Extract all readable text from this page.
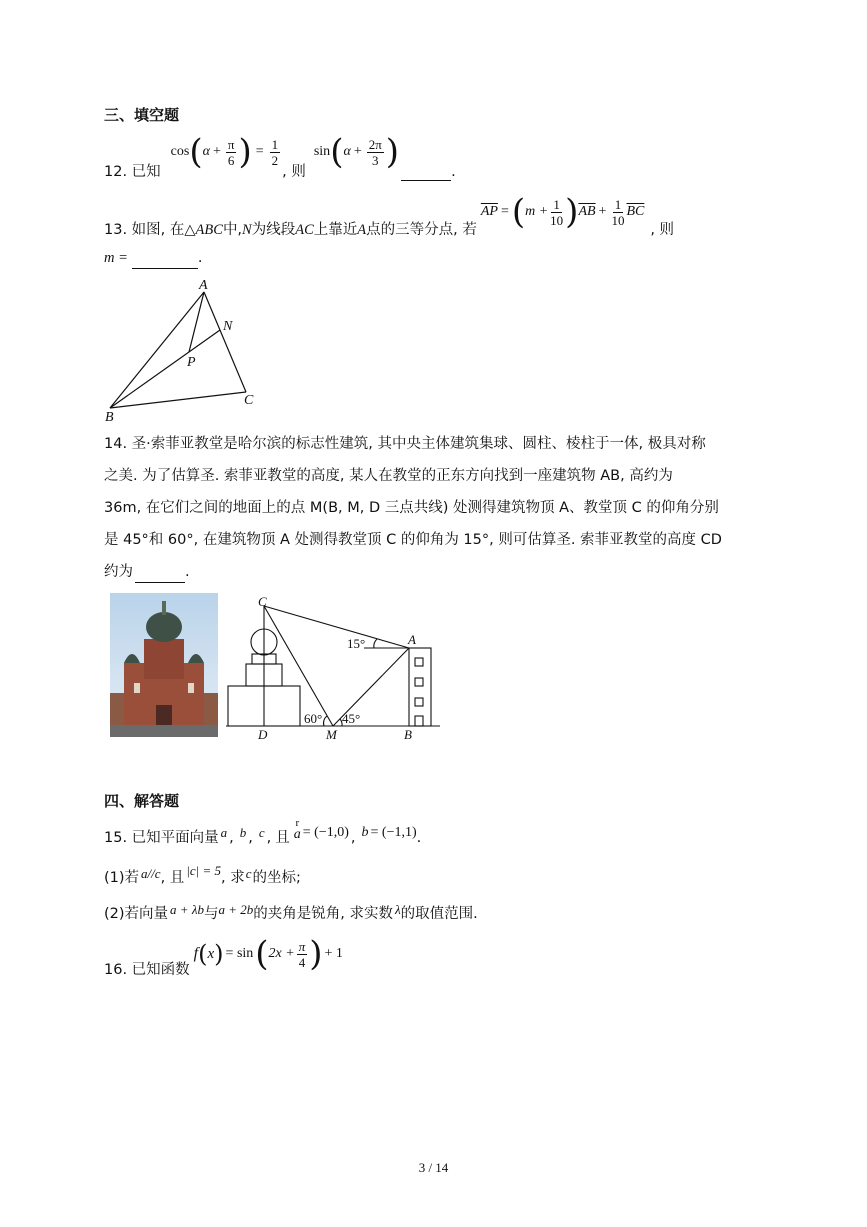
三、填空题
12. 已知
cos ( $\alpha + \frac{\pi}{6}$ ) = $\frac{1}{2}$
, 则
sin ( $\alpha + \frac{2\pi}{3}$ )	.
13. 如图, 在△ ABC 中, N 为线段 AC 上靠近 A 点的三等分点, 若
$\overline{AP}$ = ( $m + \frac{1}{10}$ ) $\overline{AB} + \frac{1}{10} \overline{BC}$
, 则
m =	.
A
N
P
C
B
14. 圣·索菲亚教堂是哈尔滨的标志性建筑, 其中央主体建筑集球、圆柱、棱柱于一体, 极具对称
之美. 为了估算圣. 索菲亚教堂的高度, 某人在教堂的正东方向找到一座建筑物 AB, 高约为
36m, 在它们之间的地面上的点 M(B, M, D 三点共线) 处测得建筑物顶 A、教堂顶 C 的仰角分别
是 45°和 60°, 在建筑物顶 A 处测得教堂顶 C 的仰角为 15°, 则可估算圣. 索菲亚教堂的高度 CD
约为	.
C
A
D	M	B
15°
60° 45°
四、解答题
15. 已知平面向量 a , b , c , 且
r
a = (−1,0) , b = (−1,1) .
(1)若 a // c , 且 |c| = 5 , 求 c 的坐标;
(2)若向量 a + λb 与 a + 2b 的夹角是锐角, 求实数 λ 的取值范围.
16. 已知函数
f ( x ) = sin ( $2x + \frac{\pi}{4}$ ) + 1
3 / 14
